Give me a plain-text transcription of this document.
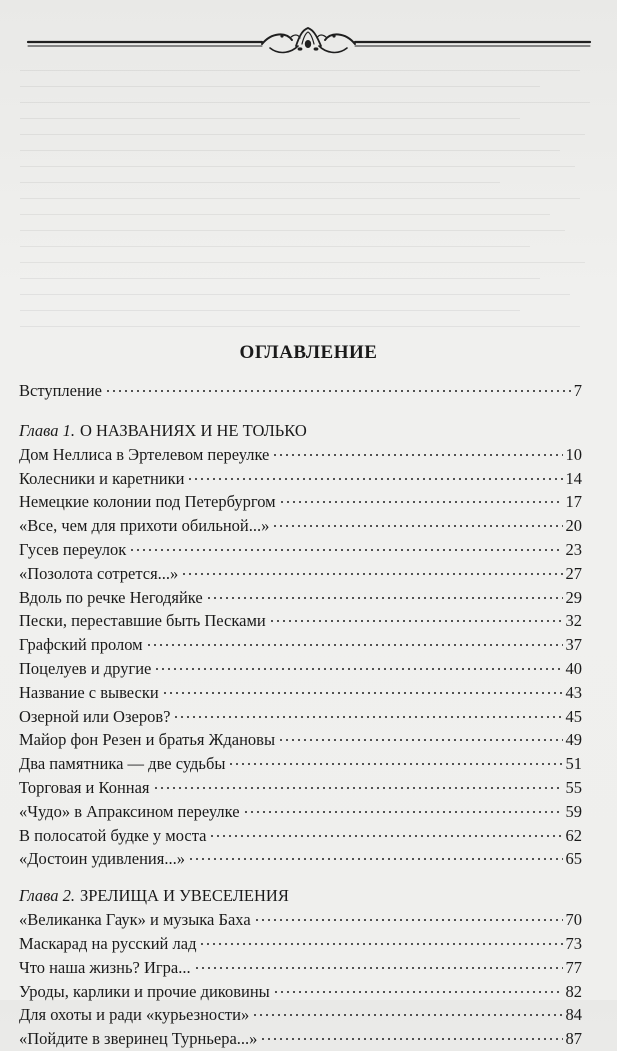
ОГЛАВЛЕНИЕ
Вступление	7
Глава 1. О НАЗВАНИЯХ И НЕ ТОЛЬКО
Дом Неллиса в Эртелевом переулке	10
Колесники и каретники	14
Немецкие колонии под Петербургом	17
«Все, чем для прихоти обильной...»	20
Гусев переулок	23
«Позолота сотрется...»	27
Вдоль по речке Негодяйке	29
Пески, переставшие быть Песками	32
Графский пролом	37
Поцелуев и другие	40
Название с вывески	43
Озерной или Озеров?	45
Майор фон Резен и братья Ждановы	49
Два памятника — две судьбы	51
Торговая и Конная	55
«Чудо» в Апраксином переулке	59
В полосатой будке у моста	62
«Достоин удивления...»	65
Глава 2. ЗРЕЛИЩА И УВЕСЕЛЕНИЯ
«Великанка Гаук» и музыка Баха	70
Маскарад на русский лад	73
Что наша жизнь? Игра...	77
Уроды, карлики и прочие диковины	82
Для охоты и ради «курьезности»	84
«Пойдите в зверинец Турньера...»	87
